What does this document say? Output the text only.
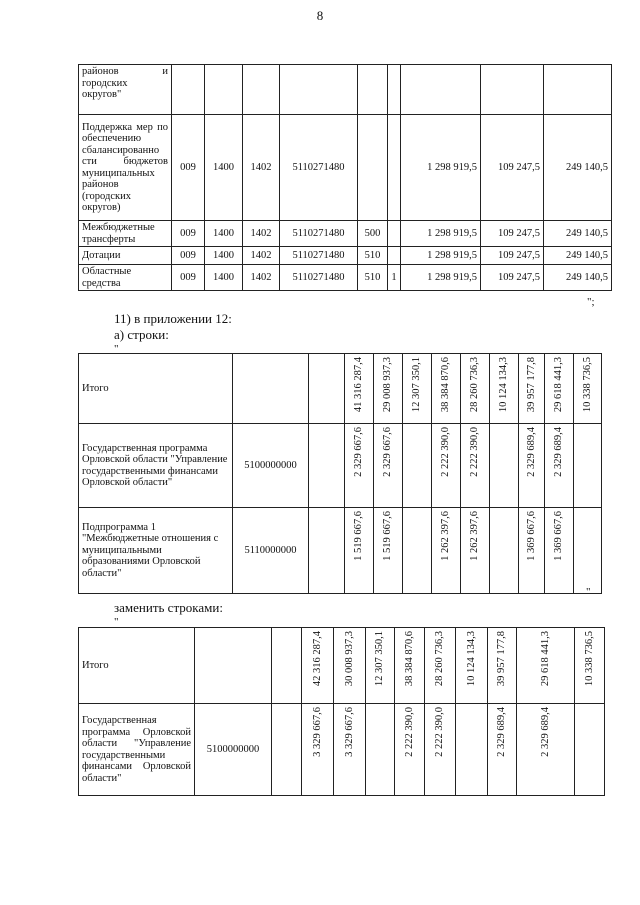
8
районов и городских округов"									
Поддержка мер по обеспечению сбалансированно сти бюджетов муниципальных районов (городских округов)	009	1400	1402	5110271480			1 298 919,5	109 247,5	249 140,5
Межбюджетные трансферты	009	1400	1402	5110271480	500		1 298 919,5	109 247,5	249 140,5
Дотации	009	1400	1402	5110271480	510		1 298 919,5	109 247,5	249 140,5
Областные средства	009	1400	1402	5110271480	510	1	1 298 919,5	109 247,5	249 140,5
";
11) в приложении 12:
а) строки:
"
Итого			41 316 287,4	29 008 937,3	12 307 350,1	38 384 870,6	28 260 736,3	10 124 134,3	39 957 177,8	29 618 441,3	10 338 736,5
Государственная программа Орловской области "Управление государственными финансами Орловской области"	5100000000		2 329 667,6	2 329 667,6		2 222 390,0	2 222 390,0		2 329 689,4	2 329 689,4	
Подпрограмма 1 "Межбюджетные отношения с муниципальными образованиями Орловской области"	5110000000		1 519 667,6	1 519 667,6		1 262 397,6	1 262 397,6		1 369 667,6	1 369 667,6	
"
заменить строками:
"
Итого			42 316 287,4	30 008 937,3	12 307 350,1	38 384 870,6	28 260 736,3	10 124 134,3	39 957 177,8	29 618 441,3	10 338 736,5
Государственная программа Орловской области "Управление государственными финансами Орловской области"	5100000000		3 329 667,6	3 329 667,6		2 222 390,0	2 222 390,0		2 329 689,4	2 329 689,4	
